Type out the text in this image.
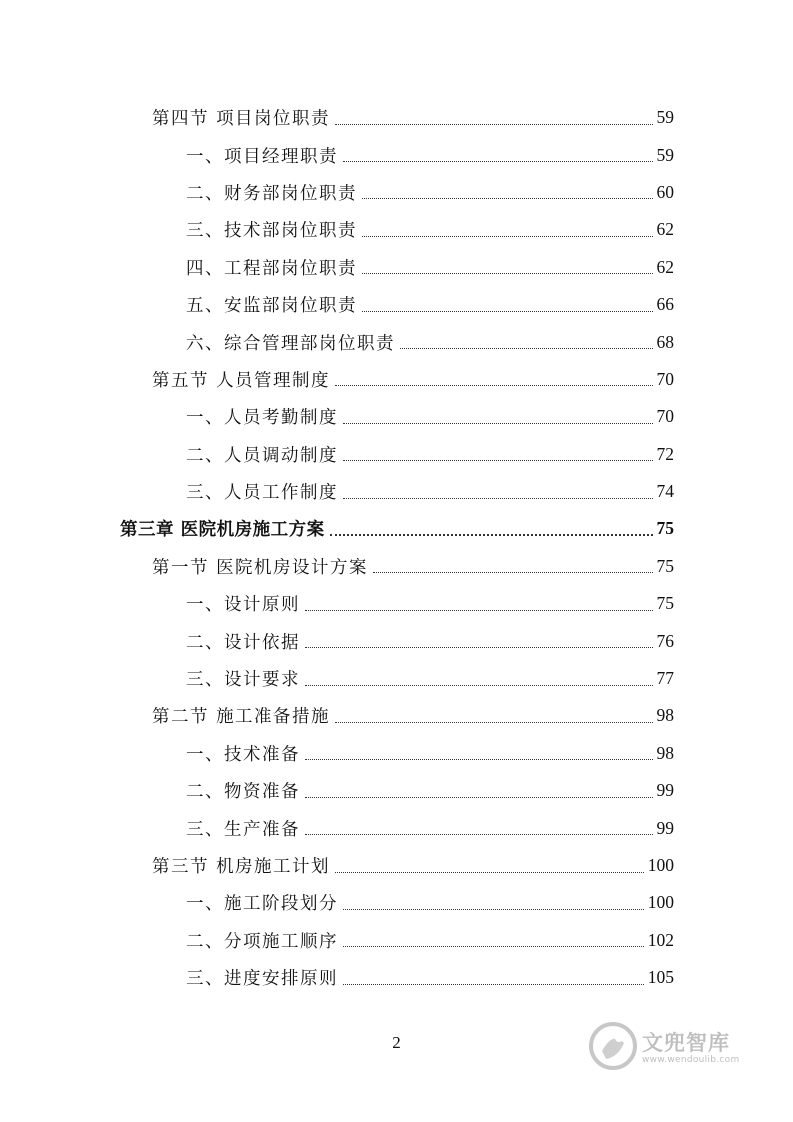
第四节 项目岗位职责	59
一、项目经理职责	59
二、财务部岗位职责	60
三、技术部岗位职责	62
四、工程部岗位职责	62
五、安监部岗位职责	66
六、综合管理部岗位职责	68
第五节 人员管理制度	70
一、人员考勤制度	70
二、人员调动制度	72
三、人员工作制度	74
第三章 医院机房施工方案	75
第一节 医院机房设计方案	75
一、设计原则	75
二、设计依据	76
三、设计要求	77
第二节 施工准备措施	98
一、技术准备	98
二、物资准备	99
三、生产准备	99
第三节 机房施工计划	100
一、施工阶段划分	100
二、分项施工顺序	102
三、进度安排原则	105
2	文兜智库
www.wendoulib.com
